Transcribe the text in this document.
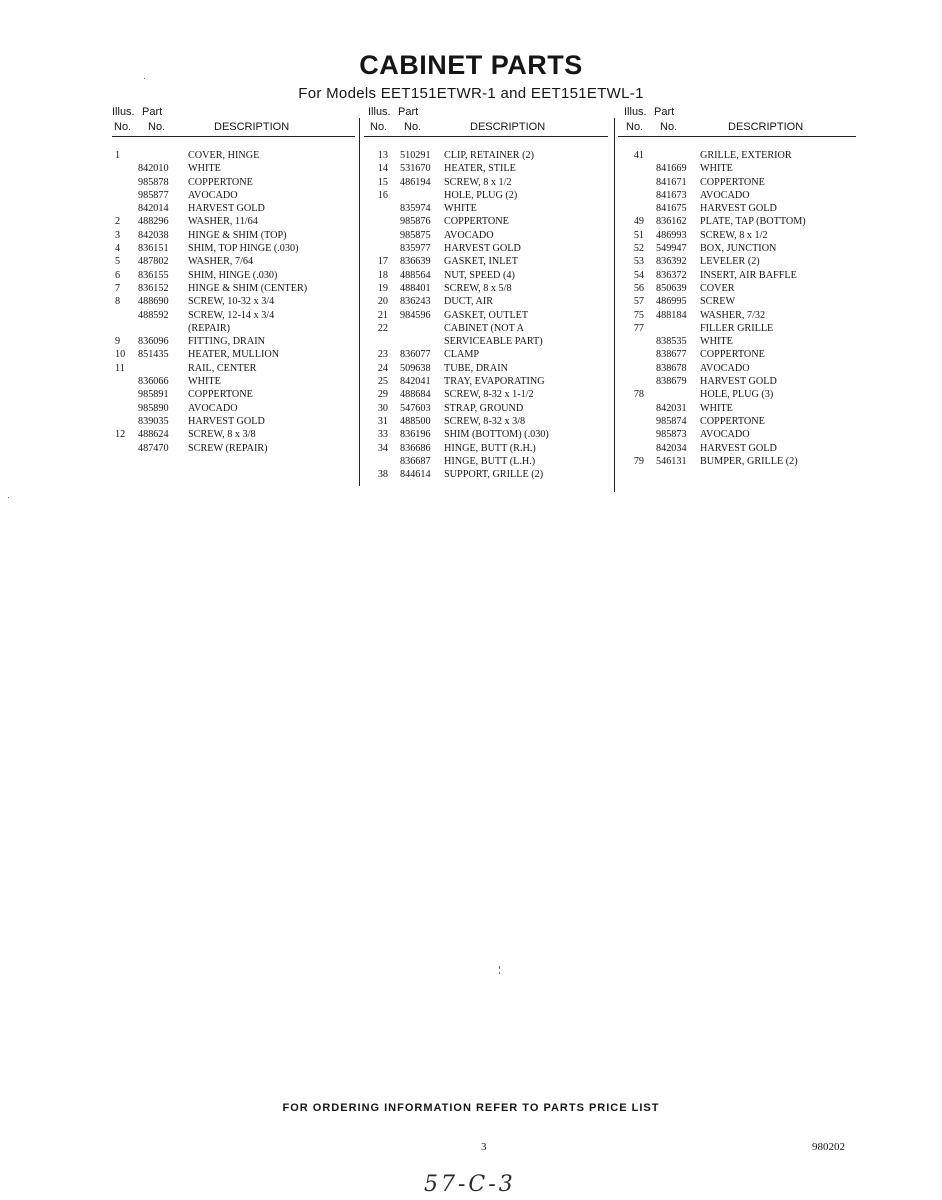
CABINET PARTS
For Models EET151ETWR-1 and EET151ETWL-1
Illus. Part
No. No.	DESCRIPTION
1	COVER, HINGE
842010	WHITE
985878	COPPERTONE
985877	AVOCADO
842014	HARVEST GOLD
2	488296	WASHER, 11/64
3	842038	HINGE & SHIM (TOP)
4	836151	SHIM, TOP HINGE (.030)
5	487802	WASHER, 7/64
6	836155	SHIM, HINGE (.030)
7	836152	HINGE & SHIM (CENTER)
8	488690	SCREW, 10-32 x 3/4
488592	SCREW, 12-14 x 3/4
(REPAIR)
9	836096	FITTING, DRAIN
10	851435	HEATER, MULLION
11	RAIL, CENTER
836066	WHITE
985891	COPPERTONE
985890	AVOCADO
839035	HARVEST GOLD
12	488624	SCREW, 8 x 3/8
487470	SCREW (REPAIR)
Illus. Part
No. No.	DESCRIPTION
13	510291	CLIP, RETAINER (2)
14	531670	HEATER, STILE
15	486194	SCREW, 8 x 1/2
16	HOLE, PLUG (2)
835974	WHITE
985876	COPPERTONE
985875	AVOCADO
835977	HARVEST GOLD
17	836639	GASKET, INLET
18	488564	NUT, SPEED (4)
19	488401	SCREW, 8 x 5/8
20	836243	DUCT, AIR
21	984596	GASKET, OUTLET
22	CABINET (NOT A
SERVICEABLE PART)
23	836077	CLAMP
24	509638	TUBE, DRAIN
25	842041	TRAY, EVAPORATING
29	488684	SCREW, 8-32 x 1-1/2
30	547603	STRAP, GROUND
31	488500	SCREW, 8-32 x 3/8
33	836196	SHIM (BOTTOM) (.030)
34	836686	HINGE, BUTT (R.H.)
836687	HINGE, BUTT (L.H.)
38	844614	SUPPORT, GRILLE (2)
Illus. Part
No. No.	DESCRIPTION
41	GRILLE, EXTERIOR
841669	WHITE
841671	COPPERTONE
841673	AVOCADO
841675	HARVEST GOLD
49	836162	PLATE, TAP (BOTTOM)
51	486993	SCREW, 8 x 1/2
52	549947	BOX, JUNCTION
53	836392	LEVELER (2)
54	836372	INSERT, AIR BAFFLE
56	850639	COVER
57	486995	SCREW
75	488184	WASHER, 7/32
77	FILLER GRILLE
838535	WHITE
838677	COPPERTONE
838678	AVOCADO
838679	HARVEST GOLD
78	HOLE, PLUG (3)
842031	WHITE
985874	COPPERTONE
985873	AVOCADO
842034	HARVEST GOLD
79	546131	BUMPER, GRILLE (2)
FOR ORDERING INFORMATION REFER TO PARTS PRICE LIST
3	980202
57-C-3
